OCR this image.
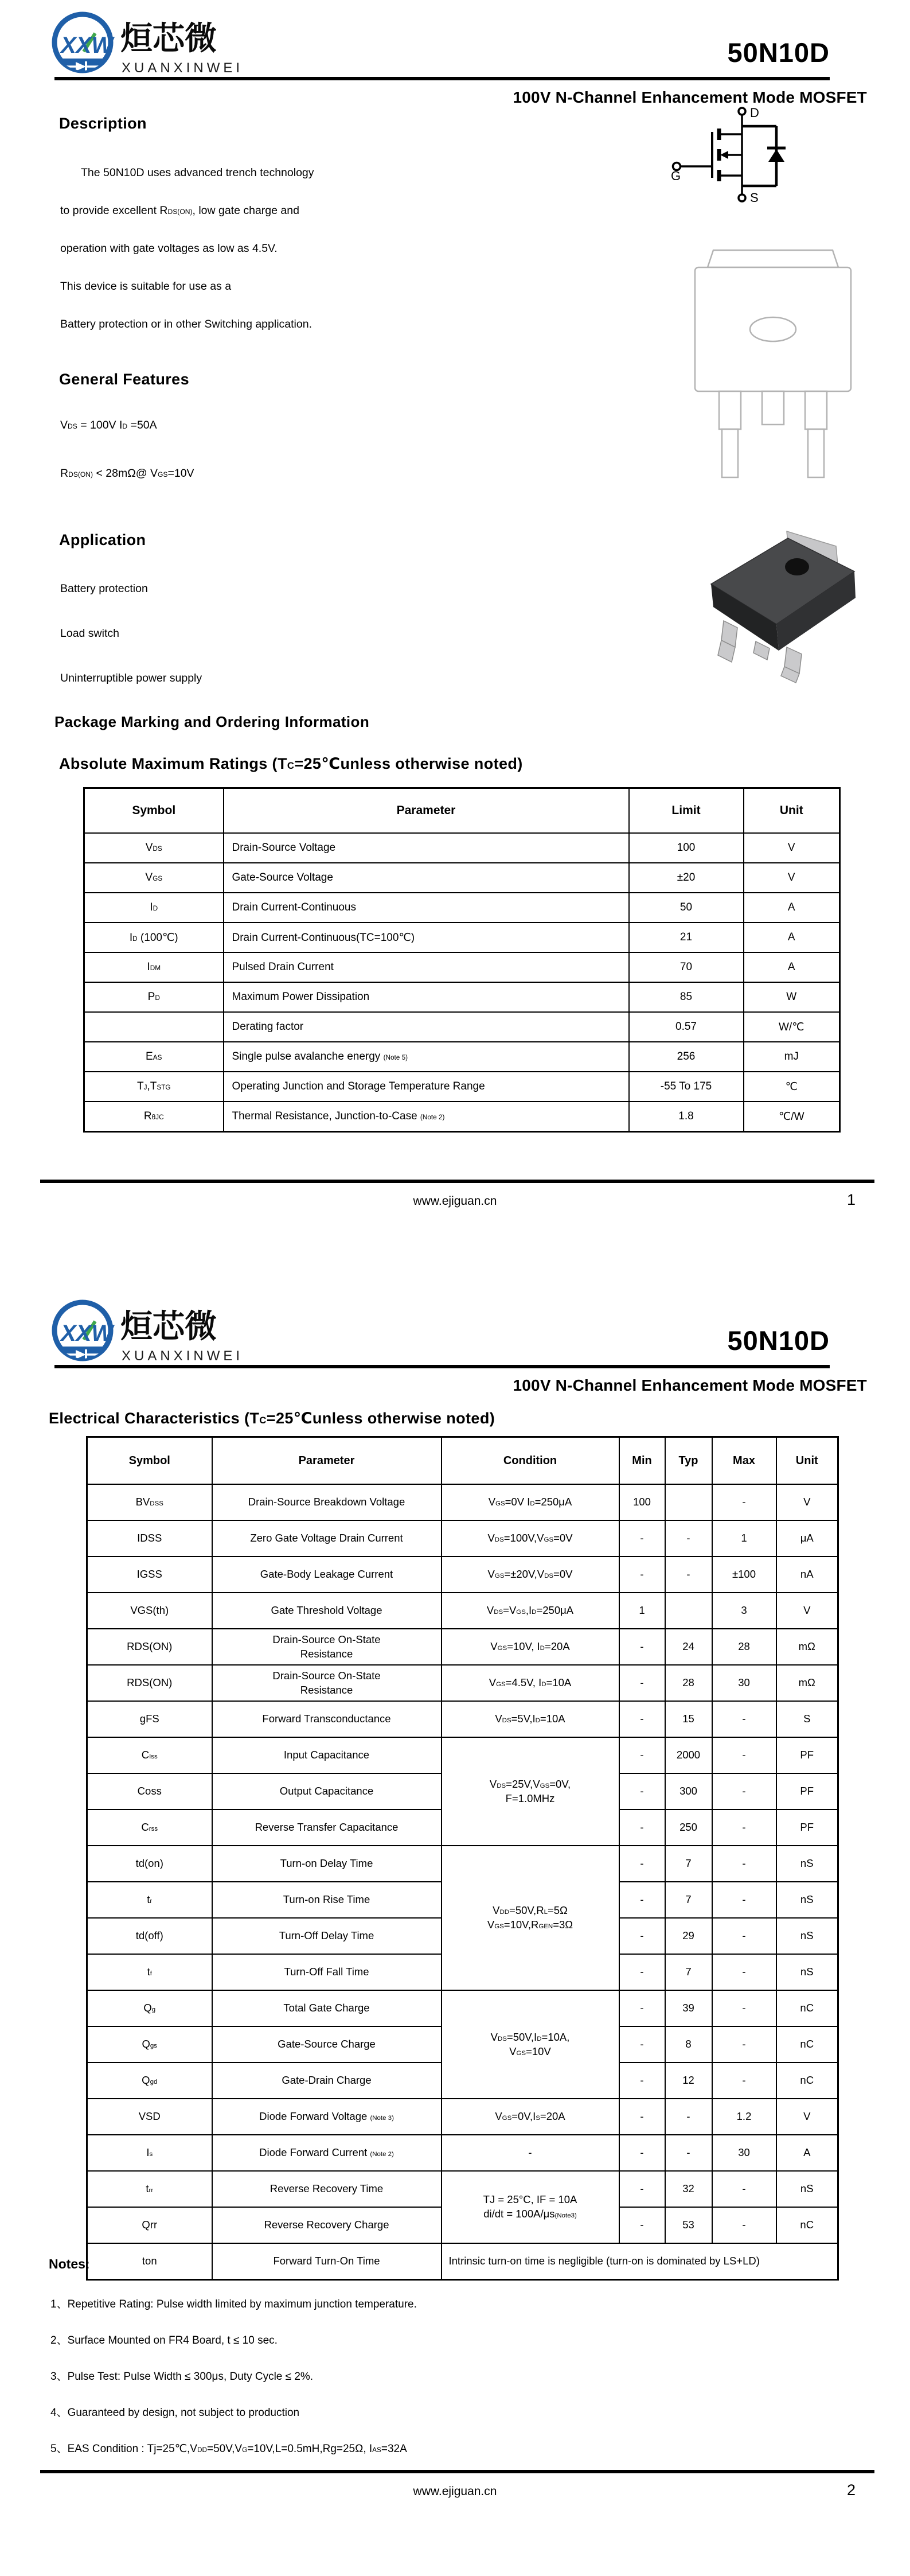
XXW 烜芯微
XUANXINWEI
50N10D
100V N-Channel Enhancement Mode MOSFET
Description
The 50N10D uses advanced trench technology
to provide excellent $R_{DS(ON)}$, low gate charge and
operation with gate voltages as low as 4.5V.
This device is suitable for use as a
Battery protection or in other Switching application.
General Features
$V_{DS} = 100V$ $I_D =50A$
$R_{DS(ON)}$ < 28mΩ@ $V_{GS}=10V$
Application
Battery protection
Load switch
Uninterruptible power supply
Package Marking and Ordering Information
Absolute Maximum Ratings ($T_C=25℃unless$ otherwise noted)
Symbol	Parameter	Limit	Unit
$V_{DS}$	Drain-Source Voltage	100	V
$V_{GS}$	Gate-Source Voltage	±20	V
$I_D$	Drain Current-Continuous	50	A
$I_D$ (100℃)	Drain Current-Continuous(TC=100℃)	21	A
$I_{DM}$	Pulsed Drain Current	70	A
$P_D$	Maximum Power Dissipation	85	W
	Derating factor	0.57	W/℃
$E_{AS}$	Single pulse avalanche energy $^{(Note 5)}$	256	mJ
$T_J,T_{STG}$	Operating Junction and Storage Temperature Range	-55 To 175	℃
$R_{\theta JC}$	Thermal Resistance, Junction-to-Case $^{(Note 2)}$	1.8	℃/W
D
G
S
www.ejiguan.cn	1
XXW 烜芯微
XUANXINWEI
50N10D
100V N-Channel Enhancement Mode MOSFET
Electrical Characteristics ($T_C=25℃unless$ otherwise noted)
Symbol	Parameter	Condition	Min	Typ	Max	Unit
$BV_{DSS}$	Drain-Source Breakdown Voltage	$V_{GS}=0V$ $I_D=250\mu A$	100		-	V
IDSS	Zero Gate Voltage Drain Current	$V_{DS}=100V,V_{GS}=0V$	-	-	1	μA
IGSS	Gate-Body Leakage Current	$V_{GS}=\pm 20V,V_{DS}=0V$	-	-	±100	nA
VGS(th)	Gate Threshold Voltage	$V_{DS}=V_{GS},I_D=250\mu A$	1		3	V
RDS(ON)	Drain-Source On-State
Resistance	$V_{GS}=10V$, $I_D=20A$	-	24	28	mΩ
RDS(ON)	Drain-Source On-State
Resistance	$V_{GS}=4.5V$, $I_D=10A$	-	28	30	mΩ
gFS	Forward Transconductance	$V_{DS}=5V,I_D=10A$	-	15	-	S
$C_{Iss}$	Input Capacitance	$V_{DS}=25V,V_{GS}=0V$,
F=1.0MHz	-	2000	-	PF
Coss	Output Capacitance		-	300	-	PF
$C_{rss}$	Reverse Transfer Capacitance		-	250	-	PF
td(on)	Turn-on Delay Time	$V_{DD}=50V,R_L=5\Omega$
$V_{GS}=10V,R_{GEN}=3\Omega$	-	7	-	nS
$t_r$	Turn-on Rise Time		-	7	-	nS
td(off)	Turn-Off Delay Time		-	29	-	nS
$t_f$	Turn-Off Fall Time		-	7	-	nS
$Q_g$	Total Gate Charge	$V_{DS}=50V,I_D=10A$,
$V_{GS}=10V$	-	39	-	nC
$Q_{gs}$	Gate-Source Charge		-	8	-	nC
$Q_{gd}$	Gate-Drain Charge		-	12	-	nC
VSD	Diode Forward Voltage $^{(Note 3)}$	$V_{GS}=0V,I_S=20A$	-	-	1.2	V
$I_s$	Diode Forward Current $^{(Note 2)}$	-	-	-	30	A
$t_{rr}$	Reverse Recovery Time	TJ = 25°C, IF = 10A
$di/dt = 100A/\mu s^{(Note3)}$	-	32	-	nS
Qrr	Reverse Recovery Charge		-	53	-	nC
ton	Forward Turn-On Time	Intrinsic turn-on time is negligible (turn-on is dominated by LS+LD)				
Notes:
1、Repetitive Rating: Pulse width limited by maximum junction temperature.
2、Surface Mounted on FR4 Board, t ≤ 10 sec.
3、Pulse Test: Pulse Width ≤ 300μs, Duty Cycle ≤ 2%.
4、Guaranteed by design, not subject to production
5、EAS Condition : $Tj=25℃,V_{DD}=50V,V_G=10V,L=0.5mH,Rg=25\Omega$, $I_{AS}=32A$
www.ejiguan.cn	2
